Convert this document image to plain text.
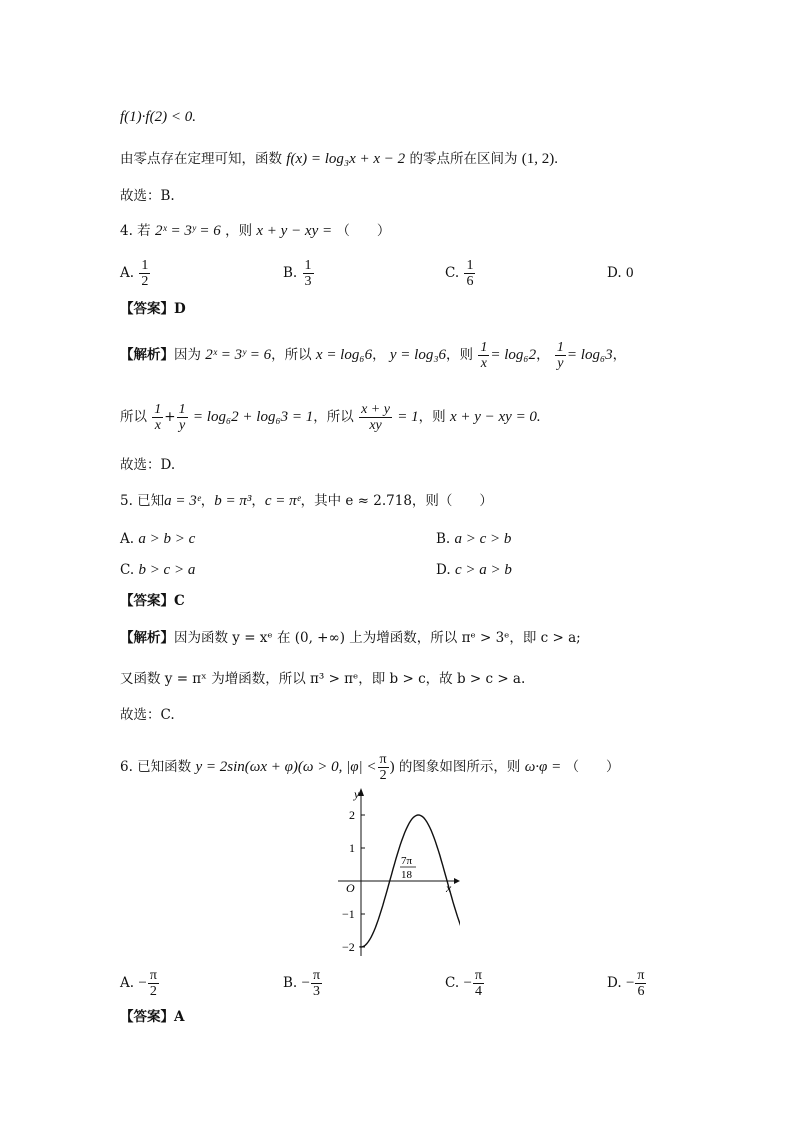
f(1)·f(2) < 0.
由零点存在定理可知，函数 f(x) = log₃x + x − 2 的零点所在区间为 (1, 2).
故选：B.
4. 若 2ˣ = 3ʸ = 6 ，则 x + y − xy = （　　）
A. $\frac{1}{2}$	B. $\frac{1}{3}$	C. $\frac{1}{6}$	D. 0
【答案】D
【解析】因为 2ˣ = 3ʸ = 6，所以 x = log₆6， y = log₃6，则 $\frac{1}{x} = \log_62$， $\frac{1}{y} = \log_63$，
所以 $\frac{1}{x} + \frac{1}{y} = \log_62 + \log_63 = 1$，所以 $\frac{x + y}{xy} = 1$，则 x + y − xy = 0.
故选：D.
5. 已知a = 3ᵉ，b = π³，c = πᵉ，其中 e ≈ 2.718，则（　　）
A. a > b > c	B. a > c > b
C. b > c > a	D. c > a > b
【答案】C
【解析】因为函数 y = xᵉ 在 (0, +∞) 上为增函数，所以 πᵉ > 3ᵉ，即 c > a;
又函数 y = πˣ 为增函数，所以 π³ > πᵉ，即 b > c，故 b > c > a.
故选：C.
6. 已知函数 y = 2sin(ωx + φ)(ω > 0, $|\varphi| < \frac{\pi}{2}$ ) 的图象如图所示，则 ω·φ = （　　）
y
x
O
2
1
−1
−2
7π
18
A. − $\frac{\pi}{2}$	B. − $\frac{\pi}{3}$	C. − $\frac{\pi}{4}$	D. − $\frac{\pi}{6}$
【答案】A
